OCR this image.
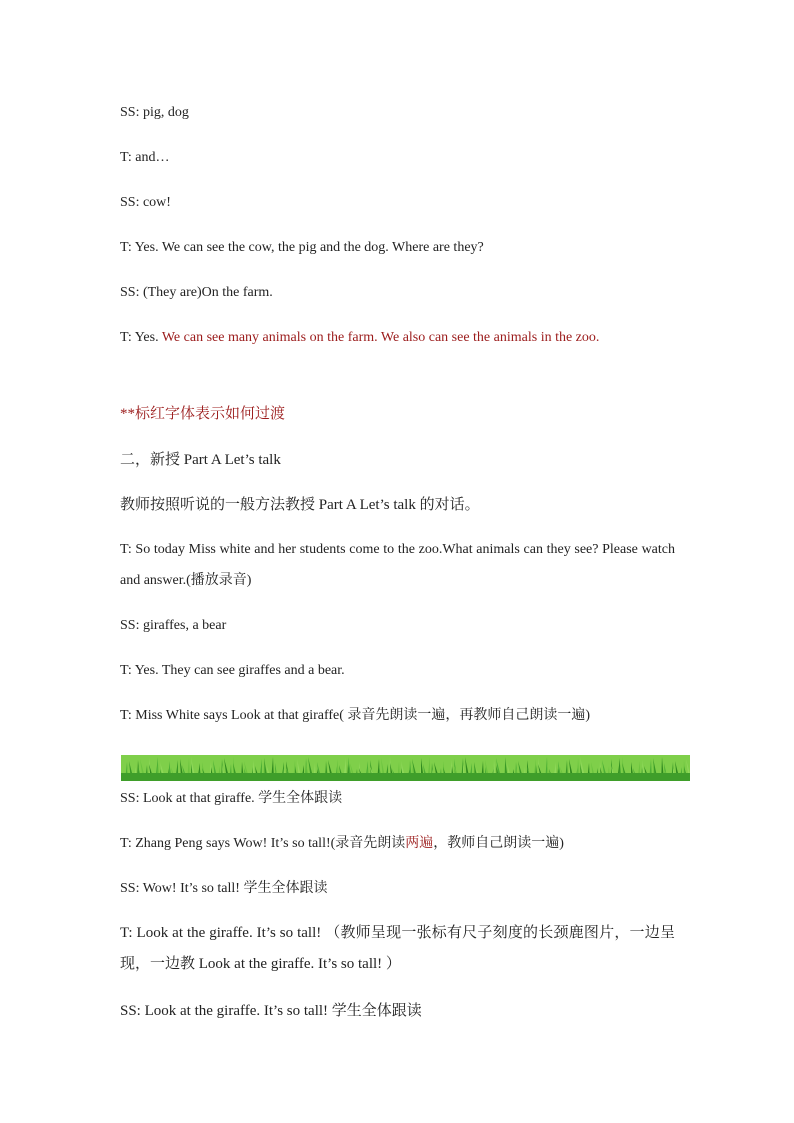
SS: pig, dog
T: and…
SS: cow!
T: Yes. We can see the cow, the pig and the dog. Where are they?
SS: (They are)On the farm.
T: Yes. We can see many animals on the farm. We also can see the animals in the zoo.
**标红字体表示如何过渡
二，新授 Part A Let’s talk
教师按照听说的一般方法教授 Part A Let’s talk 的对话。
T: So today Miss white and her students come to the zoo.What animals can they see? Please watch and answer.(播放录音)
SS: giraffes, a bear
T: Yes. They can see giraffes and a bear.
T: Miss White says Look at that giraffe( 录音先朗读一遍，再教师自己朗读一遍)
SS: Look at that giraffe. 学生全体跟读
T: Zhang Peng says Wow! It’s so tall!(录音先朗读两遍，教师自己朗读一遍)
SS: Wow! It’s so tall! 学生全体跟读
T: Look at the giraffe. It’s so tall! （教师呈现一张标有尺子刻度的长颈鹿图片，一边呈现，一边教 Look at the giraffe. It’s so tall! ）
SS: Look at the giraffe. It’s so tall! 学生全体跟读
